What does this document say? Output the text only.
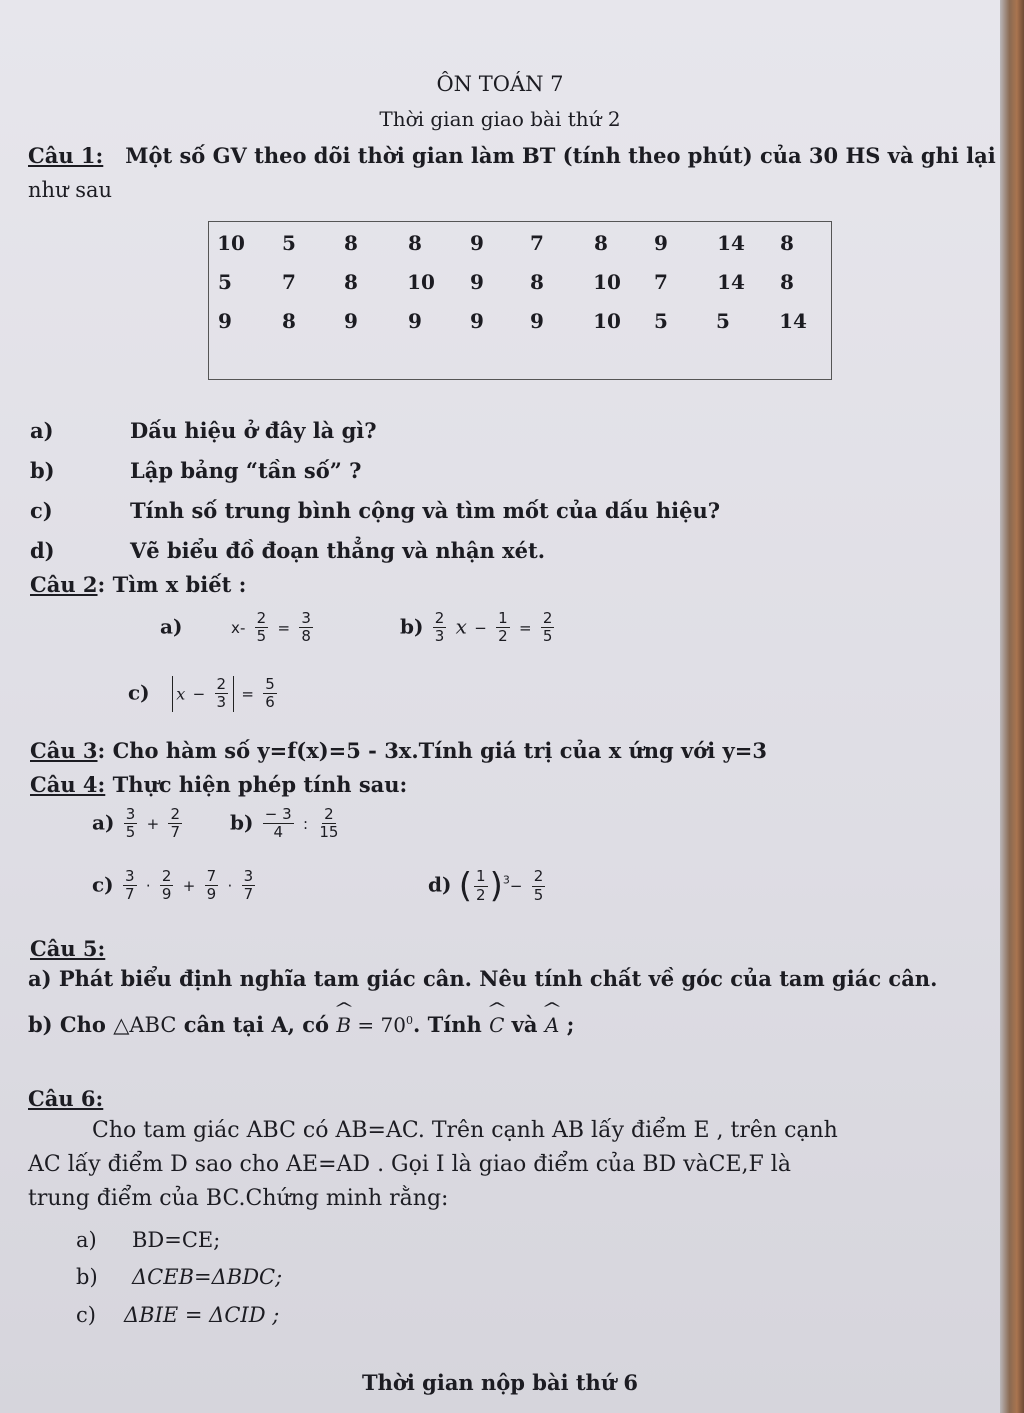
ÔN TOÁN 7
Thời gian giao bài thứ 2
Câu 1: Một số GV theo dõi thời gian làm BT (tính theo phút) của 30 HS và ghi lại
như sau
10	5	8	8	9	7	8	9	14	8
5	7	8	10	9	8	10	7	14	8
9	8	9	9	9	9	10	5	5	14
a)	Dấu hiệu ở đây là gì?
b)	Lập bảng “tần số” ?
c)	Tính số trung bình cộng và tìm mốt của dấu hiệu?
d)	Vẽ biểu đồ đoạn thẳng và nhận xét.
Câu 2: Tìm x biết :
a)	$x- \frac{2}{5} = \frac{3}{8}$	$b) \frac{2}{3}$ $x - \frac{1}{2} = \frac{2}{5}$
c) $x - \frac{2}{3} = \frac{5}{6}$
Câu 3: Cho hàm số y=f(x)=5 - 3x.Tính giá trị của x ứng với y=3
Câu 4: Thực hiện phép tính sau:
$a) \frac{3}{5} + \frac{2}{7} b) \frac{- 3}{4}$ : $\frac{2}{15}$
$c) \frac{3}{7} \cdot \frac{2}{9} + \frac{7}{9} \cdot \frac{3}{7}$	d) ( $\frac{1}{2} )^3- \frac{2}{5}$
Câu 5:
a) Phát biểu định nghĩa tam giác cân. Nêu tính chất về góc của tam giác cân.
b) Cho △ABC cân tại A, có ^ $B = 70^0$. Tính ^ C và ^ A ;
Câu 6:
Cho tam giác ABC có AB=AC. Trên cạnh AB lấy điểm E , trên cạnh
AC lấy điểm D sao cho AE=AD . Gọi I là giao điểm của BD vàCE,F là
trung điểm của BC.Chứng minh rằng:
a) BD=CE;
b) ΔCEB=ΔBDC;
c) ΔBIE = ΔCID ;
Thời gian nộp bài thứ 6
